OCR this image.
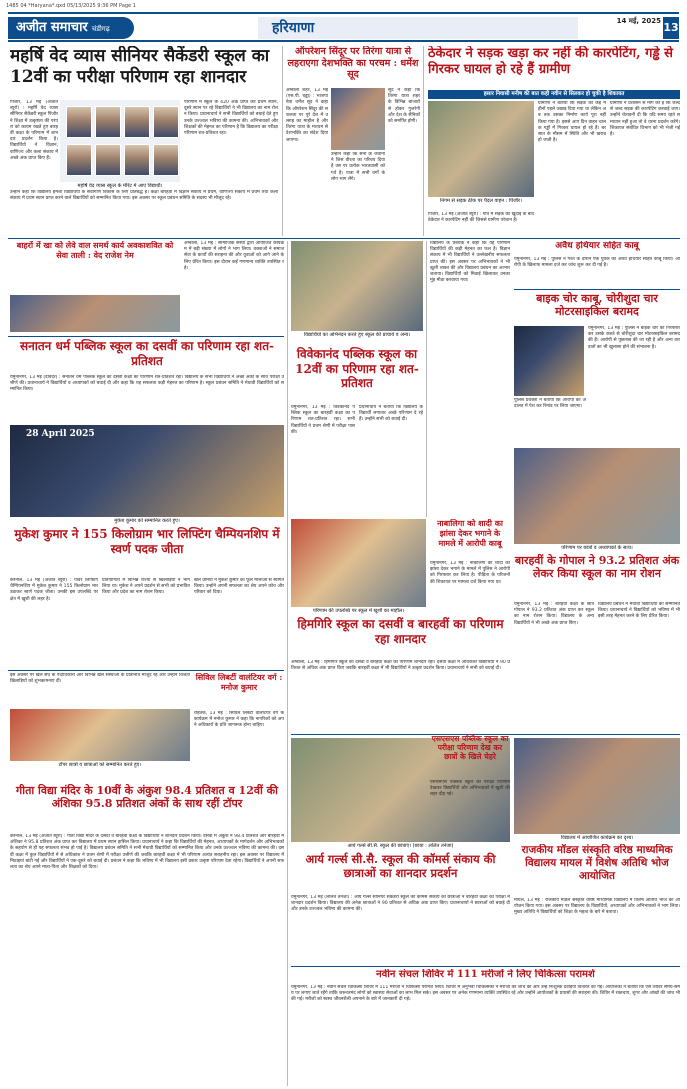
1485 04 *Haryana*.qxd 05/13/2025 9:36 PM Page 1
अजीत समाचार चंडीगढ़	हरियाणा	14 मई, 2025 13
महर्षि वेद व्यास सीनियर सैकेंडरी स्कूल का 12वीं का परीक्षा परिणाम रहा शानदार
पिंजौर, 13 मई (अजीत ब्यूरो) : महर्षि वेद व्यास सीनियर सैकेंडरी स्कूल पिंजौर ने शिक्षा में उत्कृष्टता की परंपरा को कायम रखते हुए बारहवीं कक्षा के परिणाम में शानदार प्रदर्शन किया है। विद्यार्थियों ने विज्ञान, वाणिज्य और कला संकाय में अच्छे अंक प्राप्त किए हैं।
महर्षि वेद व्यास स्कूल के मेरिट में आए विद्यार्थी।
परिणाम में स्कूल के 420 अंक प्राप्त कर प्रथम स्थान, दूसरे स्थान पर रहे विद्यार्थियों ने भी विद्यालय का नाम रोशन किया। प्रधानाचार्य ने सभी विद्यार्थियों को बधाई देते हुए उनके उज्ज्वल भविष्य की कामना की। अभिभावकों और शिक्षकों की मेहनत का परिणाम है कि विद्यालय का परीक्षा परिणाम शत-प्रतिशत रहा।
उन्होंने कहा कि विद्यालय हमेशा विद्यार्थियों के सर्वांगीण विकास के लिए प्रतिबद्ध है। कक्षा बारहवीं में विज्ञान संकाय में प्रथम, वाणिज्य संकाय में प्रथम तथा कला संकाय में प्रथम स्थान प्राप्त करने वाले विद्यार्थियों को सम्मानित किया गया। इस अवसर पर स्कूल प्रबंधन समिति के सदस्य भी मौजूद रहे।
ऑपरेशन सिंदूर पर तिरंगा यात्रा से लहराएगा देशभक्ति का परचम : धर्मेश सूद
अम्बाला शहर, 13 मई (एस.पी. चढ्ढा) : भाजपा नेता धर्मेश सूद ने कहा कि ऑपरेशन सिंदूर की सफलता पर पूरे देश में उत्साह का माहौल है और तिरंगा यात्रा के माध्यम से देशभक्ति का संदेश दिया जाएगा।
उन्होंने कहा कि सेना के जवानों ने जिस वीरता का परिचय दिया है उस पर प्रत्येक भारतवासी को गर्व है। यात्रा में सभी वर्गों के लोग भाग लेंगे।
सूद ने कहा कि तिरंगा यात्रा शहर के विभिन्न बाजारों से होकर गुजरेगी और देश के सैनिकों को समर्पित होगी।
ठेकेदार ने सड़क खड़ा कर नहीं की कारपेटिंग, गड्ढे से गिरकर घायल हो रहे हैं ग्रामीण
हसार निवासी मनीष की बात कही नवीन से सिलकर हो चुकी है शिकायत
निगम से सड़क ठीक पर पैदल वाहन : पिंजौर।
पिंजौर, 13 मई (अजीत ब्यूरो) : गांव में सड़क की खुदाई के बाद ठेकेदार ने कारपेटिंग नहीं की जिससे ग्रामीण परेशान हैं।
ग्रामीणों ने बताया कि सड़क को कई महीनों पहले उखाड़ दिया गया था लेकिन अब तक उसका निर्माण कार्य पूरा नहीं किया गया है। इससे आए दिन वाहन चालक गड्ढों में गिरकर घायल हो रहे हैं। बरसात के मौसम में स्थिति और भी खराब हो जाती है।
ग्रामीणों ने प्रशासन से मांग की है कि जल्द से जल्द सड़क की कारपेटिंग करवाई जाए। उन्होंने चेतावनी दी कि यदि समय रहते समाधान नहीं हुआ तो वे धरना प्रदर्शन करेंगे। शिकायत संबंधित विभाग को भी भेजी गई है।
बाहरों में खा को लेवे वाल समर्थ कार्य अवकाशवित को सेवा ताली : वेद राजेश नेम
अम्बाला, 13 मई : सामाजिक संस्था द्वारा आयोजित कार्यक्रम में बड़ी संख्या में लोगों ने भाग लिया। वक्ताओं ने समाज सेवा के कार्यों की सराहना की और युवाओं को आगे आने के लिए प्रेरित किया। इस दौरान कई गणमान्य व्यक्ति उपस्थित रहे।
सनातन धर्म पब्लिक स्कूल का दसवीं का परिणाम रहा शत-प्रतिशत
यमुनानगर, 13 मई (दविंदर) : सनातन धर्म पब्लिक स्कूल का दसवीं कक्षा का परिणाम शत-प्रतिशत रहा। विद्यालय के सभी विद्यार्थियों ने अच्छे अंकों के साथ परीक्षा उत्तीर्ण की। प्रधानाचार्य ने विद्यार्थियों व अध्यापकों को बधाई दी और कहा कि यह सफलता कड़ी मेहनत का परिणाम है। स्कूल प्रबंधन समिति ने मेधावी विद्यार्थियों को सम्मानित किया।
28 April 2025
मुकेश कुमार को सम्मानित करते हुए।
मुकेश कुमार ने 155 किलोग्राम भार लिफ्टिंग चैम्पियनशिप में स्वर्ण पदक जीता
करनाल, 13 मई (अजीत ब्यूरो) : पावर लिफ्टिंग चैम्पियनशिप में मुकेश कुमार ने 155 किलोग्राम भार उठाकर स्वर्ण पदक जीता। उनकी इस उपलब्धि पर क्षेत्र में खुशी की लहर है।
प्रतियोगिता में विभिन्न राज्यों से खिलाड़ियों ने भाग लिया था। मुकेश ने अपने प्रदर्शन से सभी को प्रभावित किया और प्रदेश का नाम रोशन किया।
खेल प्रेमियों ने मुकेश कुमार का फूल मालाओं से स्वागत किया। उन्होंने अपनी सफलता का श्रेय अपने कोच और परिवार को दिया।
सिविल लिबर्टी वालंटियर वर्ग : मनोज कुमार
रोहतक, 13 मई : सिविल लिबर्टी वालंटियर वर्ग के कार्यक्रम में मनोज कुमार ने कहा कि नागरिकों को अपने अधिकारों के प्रति जागरूक होना चाहिए।
इस अवसर पर खेल संघ के पदाधिकारी और विभिन्न खेल संस्थाओं के प्रतिनिधि मौजूद रहे और उन्होंने विजेता खिलाड़ियों को शुभकामनाएं दीं।
टॉपर छात्रों व छात्राओं को सम्मानित करते हुए।
गीता विद्या मंदिर के 10वीं के अंकुश 98.4 प्रतिशत व 12वीं की अंशिका 95.8 प्रतिशत अंकों के साथ रहीं टॉपर
करनाल, 13 मई (अजीत ब्यूरो) : गीता विद्या मंदिर के दसवीं व बारहवीं कक्षा के विद्यार्थियों ने शानदार प्रदर्शन किया। दसवीं में अंकुश ने 98.4 प्रतिशत और बारहवीं में अंशिका ने 95.8 प्रतिशत अंक प्राप्त कर विद्यालय में प्रथम स्थान हासिल किया। प्रधानाचार्य ने कहा कि विद्यार्थियों की मेहनत, अध्यापकों के मार्गदर्शन और अभिभावकों के सहयोग से ही यह सफलता संभव हो पाई है। विद्यालय प्रबंधन समिति ने सभी मेधावी विद्यार्थियों को सम्मानित किया और उनके उज्ज्वल भविष्य की कामना की। दसवीं कक्षा में कुल विद्यार्थियों में से अधिकांश ने प्रथम श्रेणी में परीक्षा उत्तीर्ण की जबकि बारहवीं कक्षा में भी परिणाम अत्यंत सराहनीय रहा। इस अवसर पर विद्यालय में मिठाइयां बांटी गईं और विद्यार्थियों ने एक-दूसरे को बधाई दी। प्रबंधन ने कहा कि भविष्य में भी विद्यालय इसी प्रकार उत्कृष्ट परिणाम देता रहेगा। विद्यार्थियों ने अपनी सफलता का श्रेय अपने माता-पिता और शिक्षकों को दिया।
विद्यार्थियों का अभिनंदन करते हुए स्कूल की प्राचार्य व अन्य।
विवेकानंद पब्लिक स्कूल का 12वीं का परिणाम रहा शत-प्रतिशत
यमुनानगर, 13 मई : विवेकानंद पब्लिक स्कूल का बारहवीं कक्षा का परिणाम शत-प्रतिशत रहा। सभी विद्यार्थियों ने प्रथम श्रेणी में परीक्षा पास की।
प्रधानाचार्य ने बताया कि विद्यालय के विद्यार्थी लगातार अच्छे परिणाम दे रहे हैं। उन्होंने सभी को बधाई दी।
विद्यालय के प्रबंधक ने कहा कि यह परिणाम विद्यार्थियों की कड़ी मेहनत का फल है। विज्ञान संकाय में भी विद्यार्थियों ने उल्लेखनीय सफलता प्राप्त की। इस अवसर पर अभिभावकों ने भी खुशी व्यक्त की और विद्यालय प्रबंधन का आभार जताया। विद्यार्थियों को मिठाई खिलाकर उनका मुंह मीठा करवाया गया।
अवैध हथियार सहित काबू
यमुनानगर, 13 मई : पुलिस ने गश्त के दौरान एक युवक को अवैध हथियार सहित काबू किया। आरोपी के खिलाफ मामला दर्ज कर जांच शुरू कर दी गई है।
बाइक चोर काबू, चोरीशुदा चार मोटरसाइकिल बरामद
यमुनानगर, 13 मई : पुलिस ने बाइक चोर को गिरफ्तार कर उसके कब्जे से चोरीशुदा चार मोटरसाइकिल बरामद की हैं। आरोपी से पूछताछ की जा रही है और अन्य वारदातों का भी खुलासा होने की संभावना है।
पुलिस प्रवक्ता ने बताया कि आरोपी को अदालत में पेश कर रिमांड पर लिया जाएगा।
नाबालिगा को शादी का झांसा देकर भगाने के मामले में आरोपी काबू
यमुनानगर, 13 मई : नाबालिगा को शादी का झांसा देकर भगाने के मामले में पुलिस ने आरोपी को गिरफ्तार कर लिया है। पीड़िता के परिजनों की शिकायत पर मामला दर्ज किया गया था।
परिणाम पर छात्रों व अध्यापकों के साथ।
बारहवीं के गोपाल ने 93.2 प्रतिशत अंक लेकर किया स्कूल का नाम रोशन
यमुनानगर, 13 मई : बारहवीं कक्षा के छात्र गोपाल ने 93.2 प्रतिशत अंक प्राप्त कर स्कूल का नाम रोशन किया। विद्यालय के अन्य विद्यार्थियों ने भी अच्छे अंक प्राप्त किए।
विद्यालय प्रबंधन ने मेधावी विद्यार्थियों को सम्मानित किया। प्रधानाचार्य ने विद्यार्थियों को भविष्य में भी इसी तरह मेहनत करने के लिए प्रेरित किया।
परिणाम की उपलब्धि पर स्कूल में खुशी का माहौल।
हिमगिरि स्कूल का दसवीं व बारहवीं का परिणाम रहा शानदार
अम्बाला, 13 मई : हिमगिरि स्कूल का दसवीं व बारहवीं कक्षा का परिणाम शानदार रहा। दसवीं कक्षा में अधिकांश विद्यार्थियों ने 90 प्रतिशत से अधिक अंक प्राप्त किए जबकि बारहवीं कक्षा में भी विद्यार्थियों ने उत्कृष्ट प्रदर्शन किया। प्रधानाचार्य ने सभी को बधाई दी।
आर्य गर्ल्स सी.सै. स्कूल की छात्राएं। (छाया : ललित तनेजा)
आर्य गर्ल्स सी.सै. स्कूल की कॉमर्स संकाय की छात्राओं का शानदार प्रदर्शन
यमुनानगर, 13 मई (ललित तनेजा) : आर्य गर्ल्स सीनियर सैकेंडरी स्कूल की कॉमर्स संकाय की छात्राओं ने बारहवीं कक्षा की परीक्षा में शानदार प्रदर्शन किया। विद्यालय की अनेक छात्राओं ने 90 प्रतिशत से अधिक अंक प्राप्त किए। प्रधानाचार्या ने छात्राओं को बधाई दी और उनके उज्ज्वल भविष्य की कामना की।
एसएसएस पब्लिक स्कूल का परीक्षा परिणाम देख कर छात्रों के खिले चेहरे
एसएसएस पब्लिक स्कूल का परीक्षा परिणाम देखकर विद्यार्थियों और अभिभावकों में खुशी की लहर दौड़ गई।
विद्यालय में आयोजित कार्यक्रम का दृश्य।
राजकीय मॉडल संस्कृति वरिष्ठ माध्यमिक विद्यालय मायल में विशेष अतिथि भोज आयोजित
मायल, 13 मई : राजकीय मॉडल संस्कृति वरिष्ठ माध्यमिक विद्यालय में विशेष अतिथि भोज का आयोजन किया गया। इस अवसर पर विद्यालय के विद्यार्थियों, अध्यापकों और अभिभावकों ने भाग लिया। मुख्य अतिथि ने विद्यार्थियों को शिक्षा के महत्व के बारे में बताया।
नवीन संचल शिविर में 111 मरीजों ने लिए चिकित्सा परामर्श
यमुनानगर, 13 मई : नवीन संचल चिकित्सा शिविर में 111 मरीजों ने चिकित्सा परामर्श लिया। शिविर में अनुभवी चिकित्सकों ने मरीजों की जांच की और उन्हें निःशुल्क दवाइयां वितरित की गईं। आयोजकों ने बताया कि ऐसे शिविर समय-समय पर लगाए जाते रहेंगे ताकि जरूरतमंद लोगों को स्वास्थ्य सेवाओं का लाभ मिल सके। इस अवसर पर अनेक गणमान्य व्यक्ति उपस्थित रहे और उन्होंने आयोजकों के प्रयासों की सराहना की। शिविर में रक्तचाप, शुगर और आंखों की जांच भी की गई। मरीजों को स्वस्थ जीवनशैली अपनाने के बारे में जानकारी दी गई।
